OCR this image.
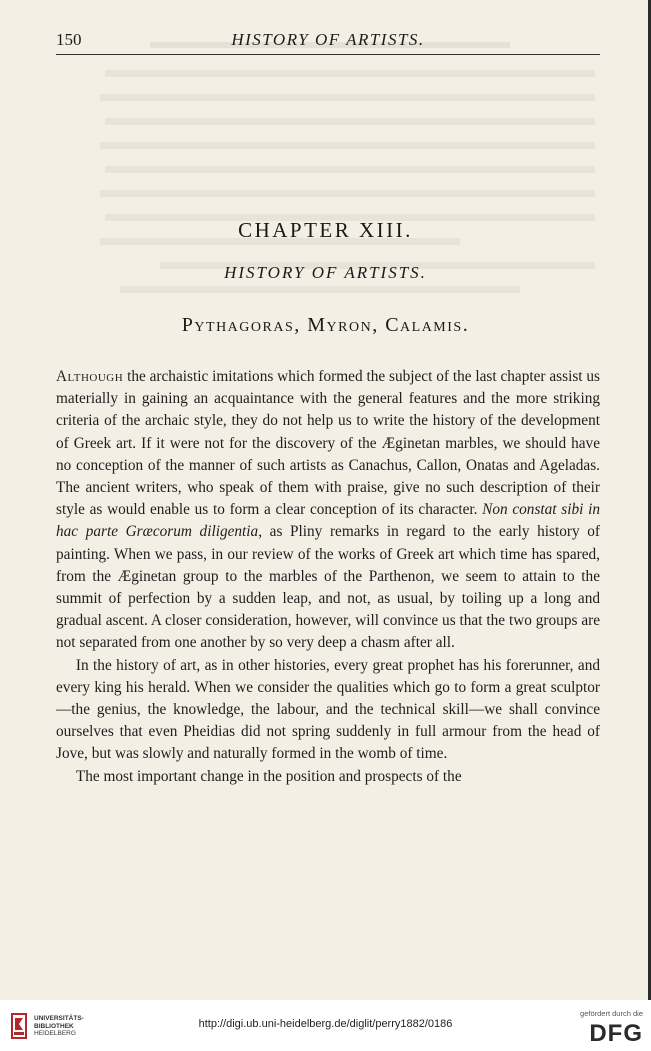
150	HISTORY OF ARTISTS.
CHAPTER XIII.
HISTORY OF ARTISTS.
Pythagoras, Myron, Calamis.

Although the archaistic imitations which formed the subject of the last chapter assist us materially in gaining an acquaintance with the general features and the more striking criteria of the archaic style, they do not help us to write the history of the development of Greek art. If it were not for the discovery of the Æginetan marbles, we should have no conception of the manner of such artists as Canachus, Callon, Onatas and Ageladas. The ancient writers, who speak of them with praise, give no such description of their style as would enable us to form a clear conception of its character. Non constat sibi in hac parte Græcorum diligentia, as Pliny remarks in regard to the early history of painting. When we pass, in our review of the works of Greek art which time has spared, from the Æginetan group to the marbles of the Parthenon, we seem to attain to the summit of perfection by a sudden leap, and not, as usual, by toiling up a long and gradual ascent. A closer consideration, however, will convince us that the two groups are not separated from one another by so very deep a chasm after all.

In the history of art, as in other histories, every great prophet has his forerunner, and every king his herald. When we consider the qualities which go to form a great sculptor—the genius, the knowledge, the labour, and the technical skill—we shall convince ourselves that even Pheidias did not spring suddenly in full armour from the head of Jove, but was slowly and naturally formed in the womb of time.

The most important change in the position and prospects of the

UNIVERSITÄTS-
BIBLIOTHEK
HEIDELBERG
http://digi.ub.uni-heidelberg.de/diglit/perry1882/0186
gefördert durch die
DFG
